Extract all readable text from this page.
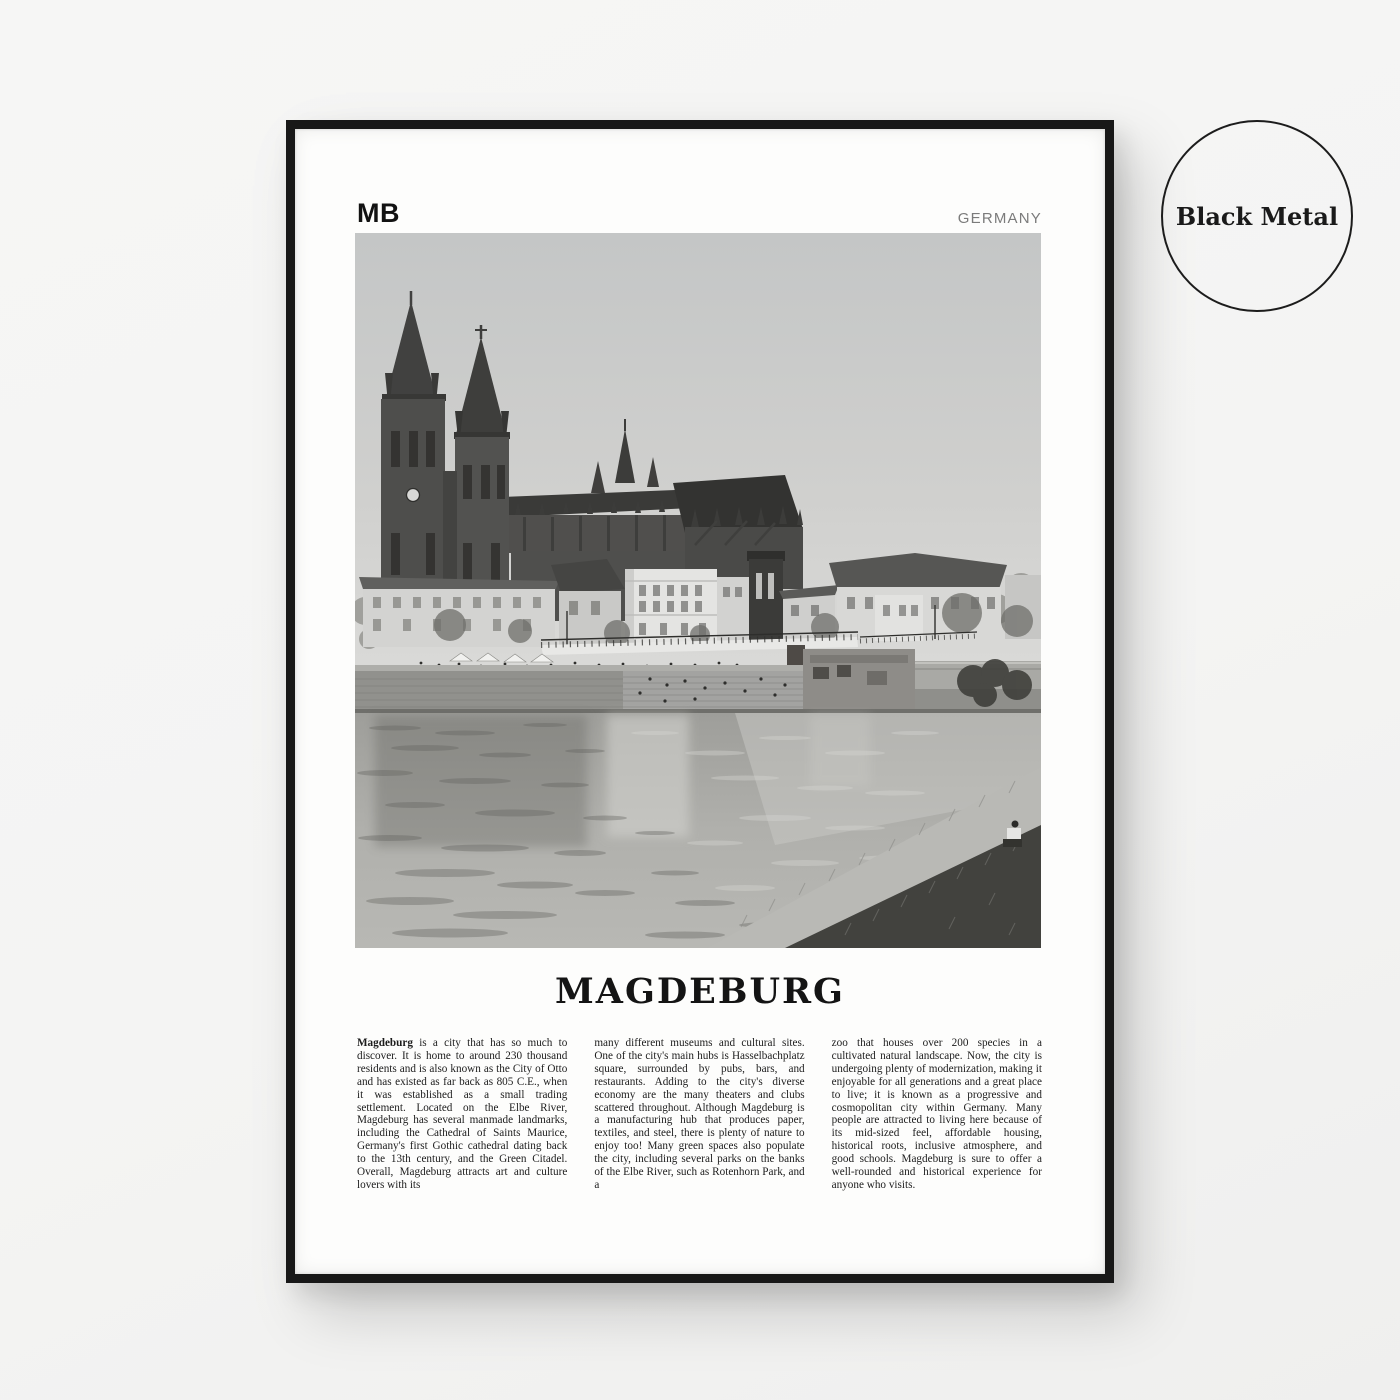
MB	GERMANY
MAGDEBURG
Magdeburg is a city that has so much to discover. It is home to around 230 thousand residents and is also known as the City of Otto and has existed as far back as 805 C.E., when it was established as a small trading settlement. Located on the Elbe River, Magdeburg has several manmade landmarks, including the Cathedral of Saints Maurice, Germany's first Gothic cathedral dating back to the 13th century, and the Green Citadel. Overall, Magdeburg attracts art and culture lovers with its
many different museums and cultural sites. One of the city's main hubs is Hasselbachplatz square, surrounded by pubs, bars, and restaurants. Adding to the city's diverse economy are the many theaters and clubs scattered throughout. Although Magdeburg is a manufacturing hub that produces paper, textiles, and steel, there is plenty of nature to enjoy too! Many green spaces also populate the city, including several parks on the banks of the Elbe River, such as Rotenhorn Park, and a
zoo that houses over 200 species in a cultivated natural landscape. Now, the city is undergoing plenty of modernization, making it enjoyable for all generations and a great place to live; it is known as a progressive and cosmopolitan city within Germany. Many people are attracted to living here because of its mid-sized feel, affordable housing, historical roots, inclusive atmosphere, and good schools. Magdeburg is sure to offer a well-rounded and historical experience for anyone who visits.
Black Metal
